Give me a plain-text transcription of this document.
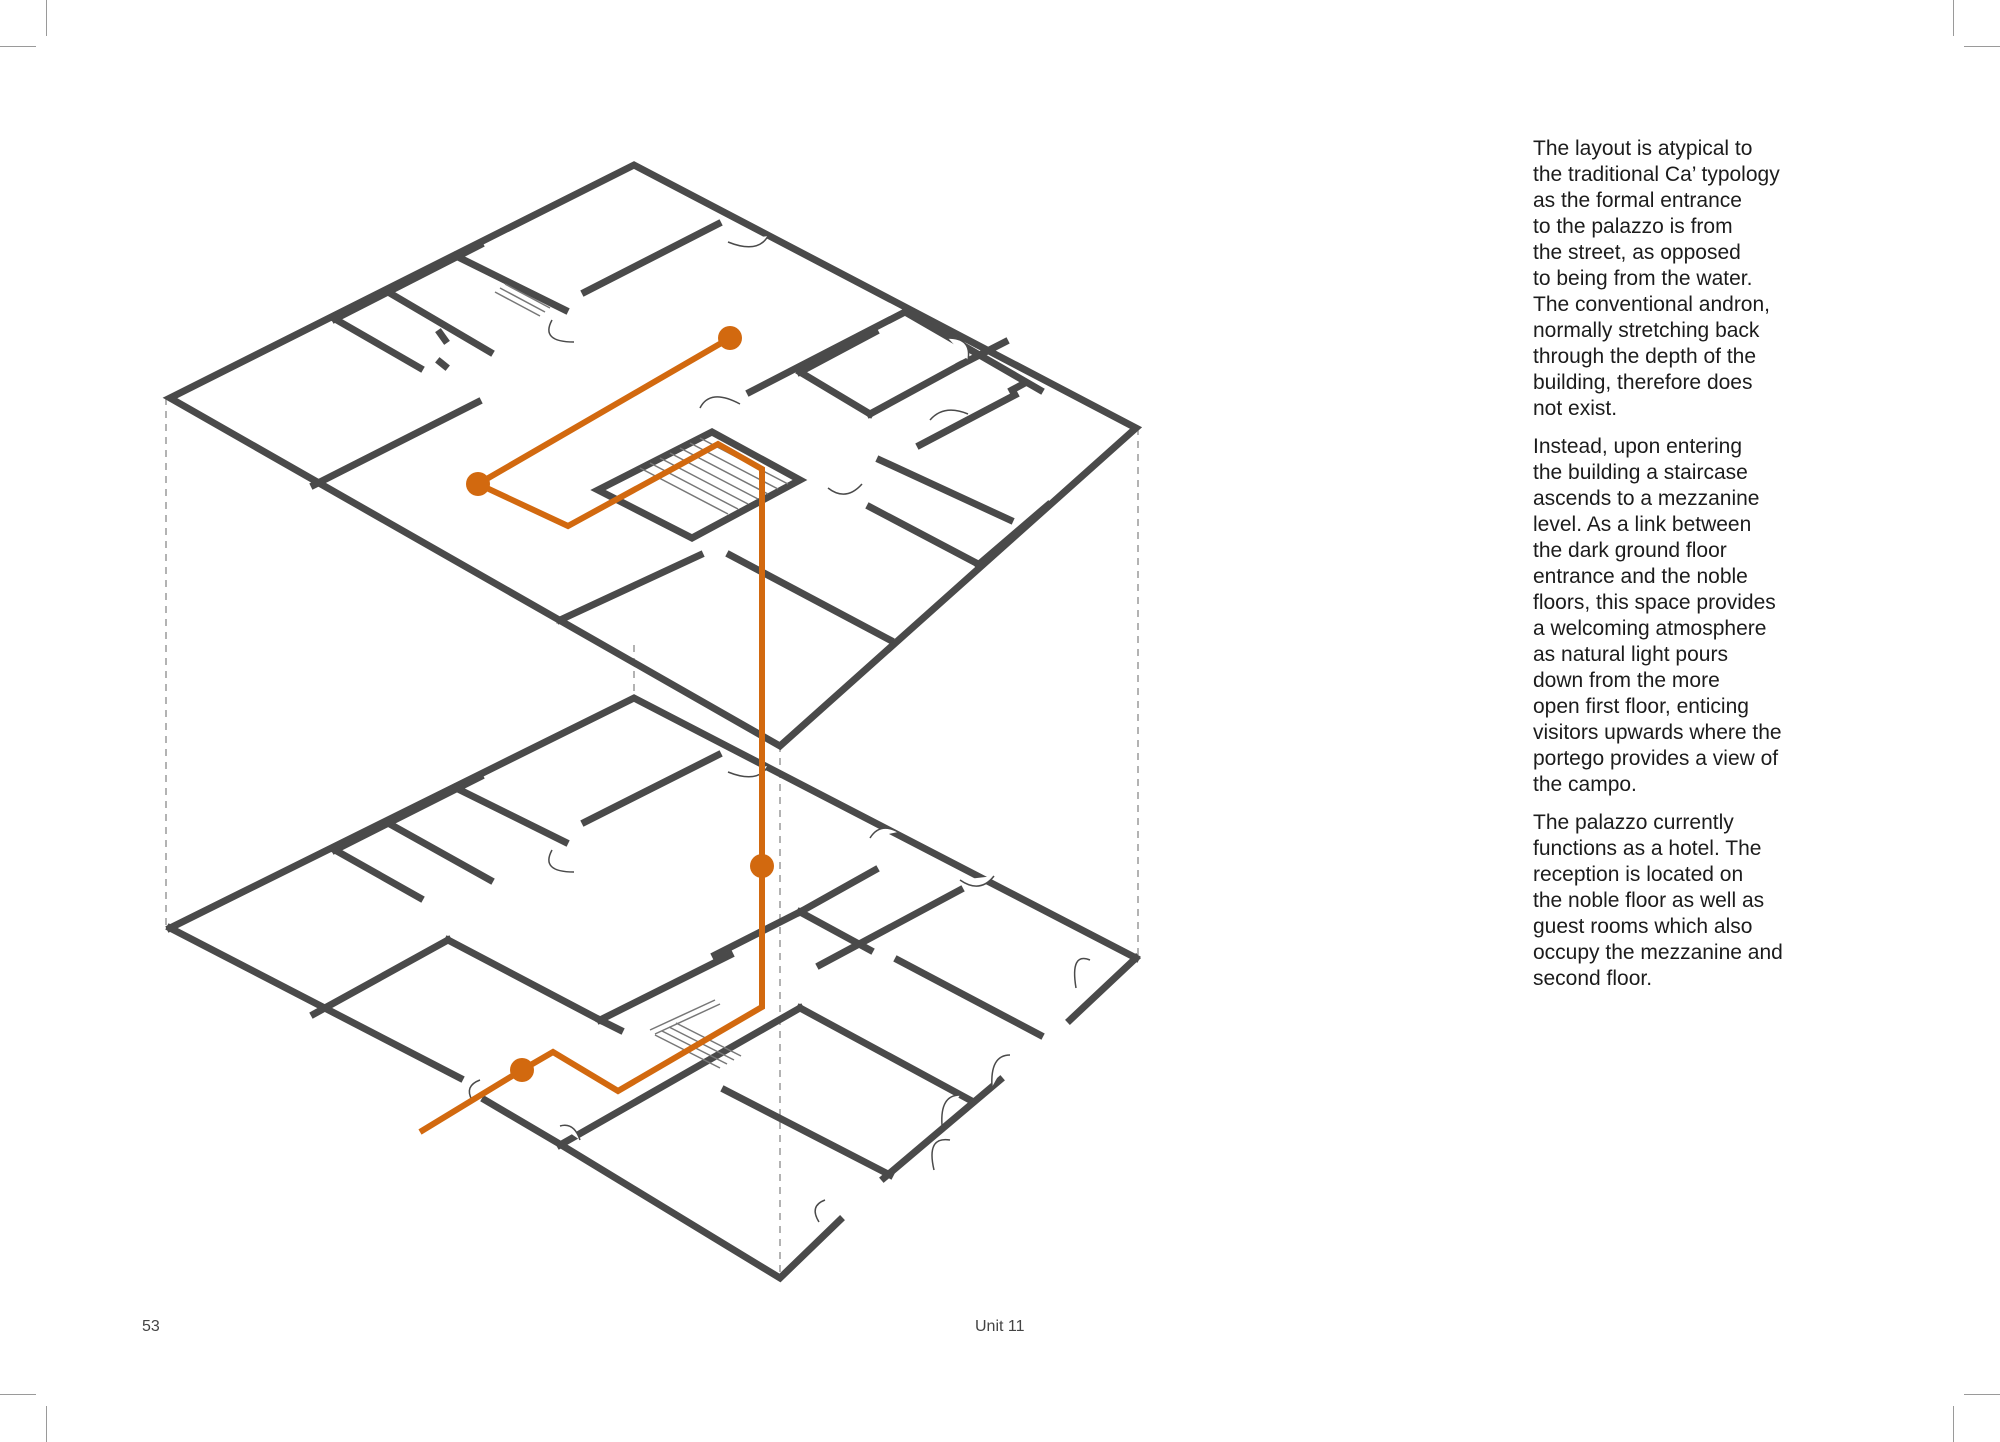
The layout is atypical to
the traditional Ca’ typology
as the formal entrance
to the palazzo is from
the street, as opposed
to being from the water.
The conventional andron,
normally stretching back
through the depth of the
building, therefore does
not exist.

Instead, upon entering
the building a staircase
ascends to a mezzanine
level. As a link between
the dark ground floor
entrance and the noble
floors, this space provides
a welcoming atmosphere
as natural light pours
down from the more
open first floor, enticing
visitors upwards where the
portego provides a view of
the campo.

The palazzo currently
functions as a hotel. The
reception is located on
the noble floor as well as
guest rooms which also
occupy the mezzanine and
second floor.

53	Unit 11
